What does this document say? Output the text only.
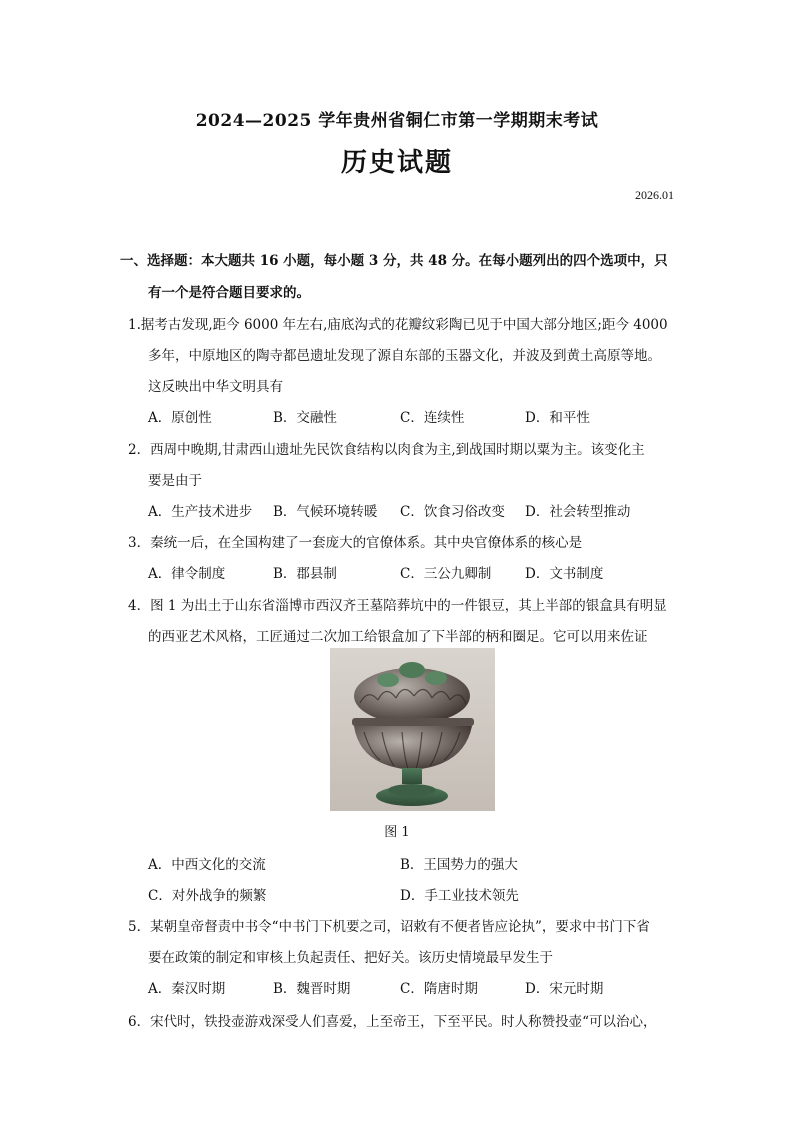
2024—2025 学年贵州省铜仁市第一学期期末考试
历史试题
2026.01
一、选择题：本大题共 16 小题，每小题 3 分，共 48 分。在每小题列出的四个选项中，只
有一个是符合题目要求的。
1.据考古发现,距今 6000 年左右,庙底沟式的花瓣纹彩陶已见于中国大部分地区;距今 4000
多年，中原地区的陶寺都邑遗址发现了源自东部的玉器文化，并波及到黄土高原等地。
这反映出中华文明具有
A．原创性	B．交融性	C．连续性	D．和平性
2．西周中晚期,甘肃西山遗址先民饮食结构以肉食为主,到战国时期以粟为主。该变化主
要是由于
A．生产技术进步 B．气候环境转暖 C．饮食习俗改变 D．社会转型推动
3．秦统一后，在全国构建了一套庞大的官僚体系。其中央官僚体系的核心是
A．律令制度	B．郡县制	C．三公九卿制 D．文书制度
4．图 1 为出土于山东省淄博市西汉齐王墓陪葬坑中的一件银豆，其上半部的银盒具有明显
的西亚艺术风格，工匠通过二次加工给银盒加了下半部的柄和圈足。它可以用来佐证
图 1
A．中西文化的交流	B．王国势力的强大
C．对外战争的频繁	D．手工业技术领先
5．某朝皇帝督责中书令“中书门下机要之司，诏敕有不便者皆应论执”，要求中书门下省
要在政策的制定和审核上负起责任、把好关。该历史情境最早发生于
A．秦汉时期	B．魏晋时期	C．隋唐时期	D．宋元时期
6．宋代时，铁投壶游戏深受人们喜爱，上至帝王，下至平民。时人称赞投壶“可以治心，
